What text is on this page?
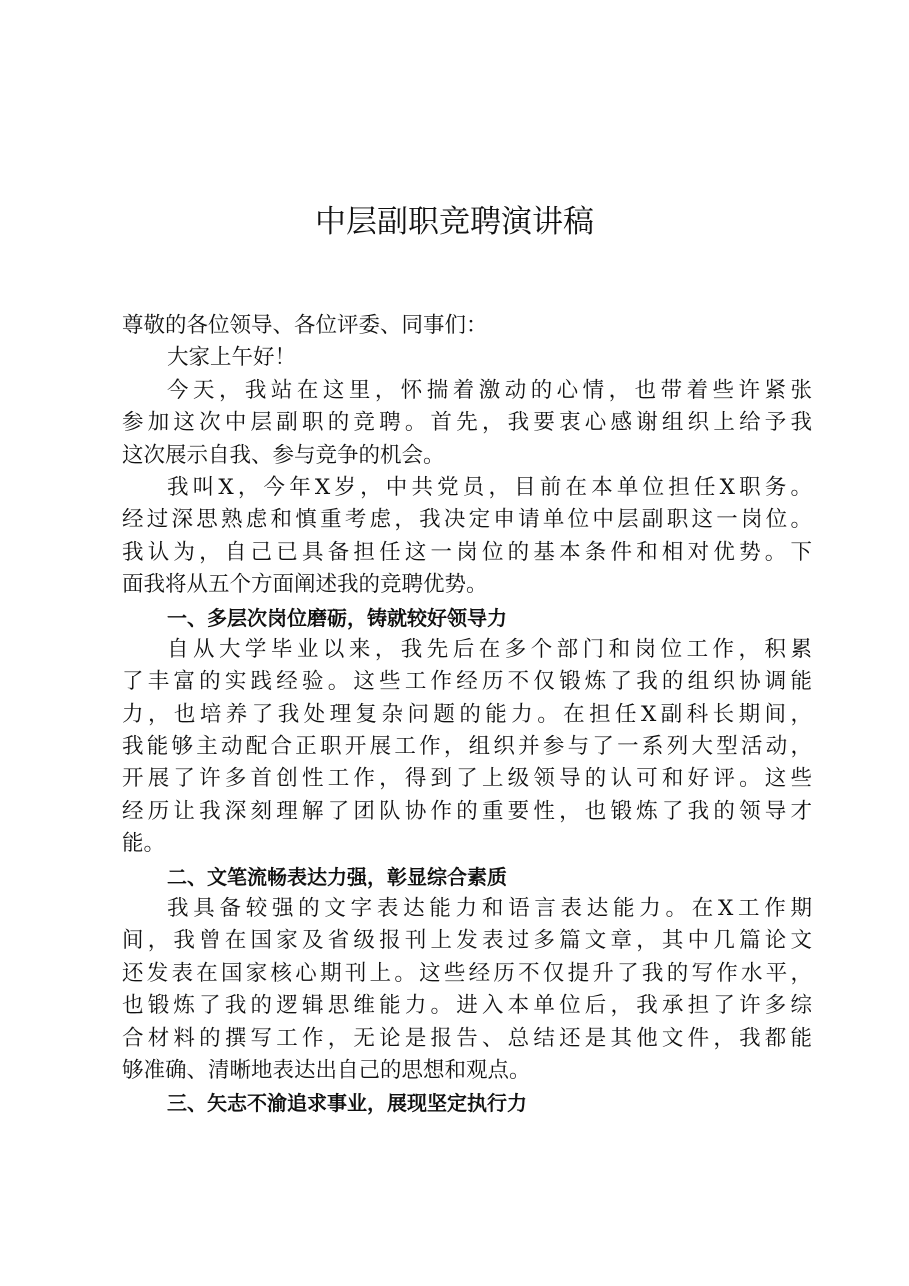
中层副职竞聘演讲稿
尊敬的各位领导、各位评委、同事们：
大家上午好！
今天，我站在这里，怀揣着激动的心情，也带着些许紧张
参加这次中层副职的竞聘。首先，我要衷心感谢组织上给予我
这次展示自我、参与竞争的机会。
我叫X，今年X岁，中共党员，目前在本单位担任X职务。
经过深思熟虑和慎重考虑，我决定申请单位中层副职这一岗位。
我认为，自己已具备担任这一岗位的基本条件和相对优势。下
面我将从五个方面阐述我的竞聘优势。
一、多层次岗位磨砺，铸就较好领导力
自从大学毕业以来，我先后在多个部门和岗位工作，积累
了丰富的实践经验。这些工作经历不仅锻炼了我的组织协调能
力，也培养了我处理复杂问题的能力。在担任X副科长期间，
我能够主动配合正职开展工作，组织并参与了一系列大型活动，
开展了许多首创性工作，得到了上级领导的认可和好评。这些
经历让我深刻理解了团队协作的重要性，也锻炼了我的领导才
能。
二、文笔流畅表达力强，彰显综合素质
我具备较强的文字表达能力和语言表达能力。在X工作期
间，我曾在国家及省级报刊上发表过多篇文章，其中几篇论文
还发表在国家核心期刊上。这些经历不仅提升了我的写作水平，
也锻炼了我的逻辑思维能力。进入本单位后，我承担了许多综
合材料的撰写工作，无论是报告、总结还是其他文件，我都能
够准确、清晰地表达出自己的思想和观点。
三、矢志不渝追求事业，展现坚定执行力
